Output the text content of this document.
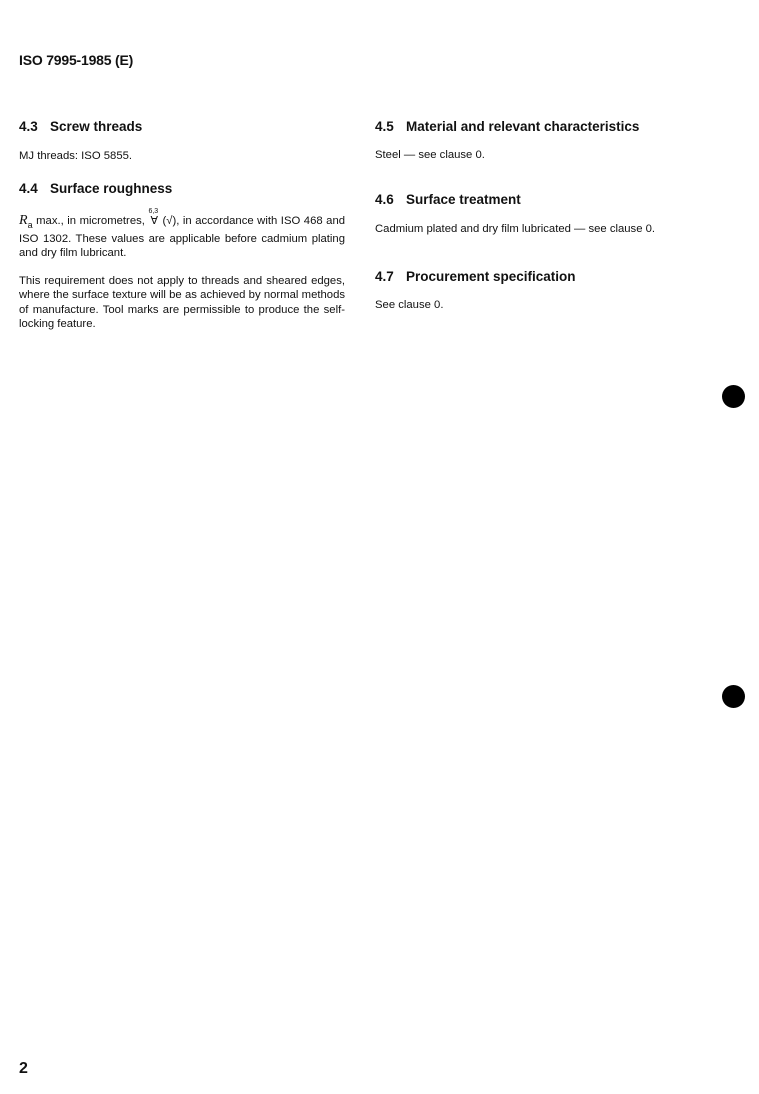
ISO 7995-1985 (E)
4.3 Screw threads

MJ threads: ISO 5855.

4.4 Surface roughness

$R_a$ max., in micrometres,
6,3
∀ (√), in accordance with ISO 468 and ISO 1302. These values are applicable before cadmium plating and dry film lubricant.

This requirement does not apply to threads and sheared edges, where the surface texture will be as achieved by normal methods of manufacture. Tool marks are permissible to produce the self-locking feature.

4.5 Material and relevant characteristics

Steel — see clause 0.

4.6 Surface treatment

Cadmium plated and dry film lubricated — see clause 0.

4.7 Procurement specification

See clause 0.

2
